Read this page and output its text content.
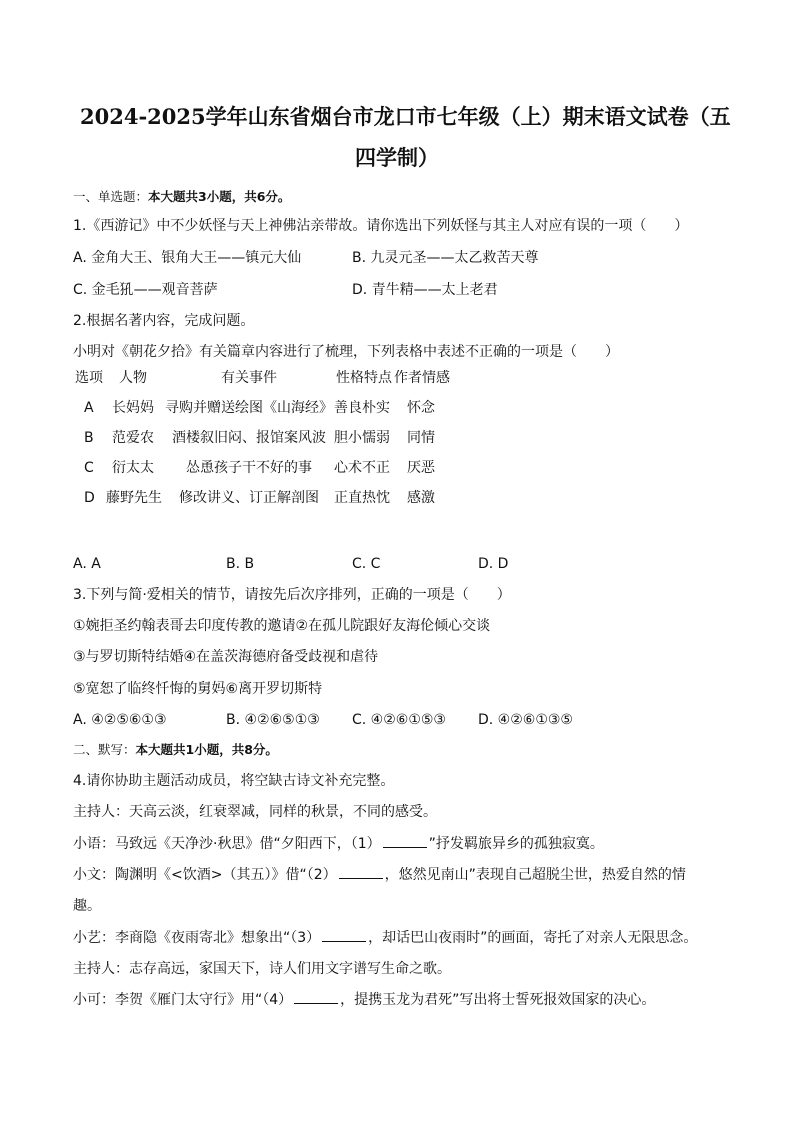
2024-2025学年山东省烟台市龙口市七年级（上）期末语文试卷（五
四学制）
一、单选题：本大题共3小题，共6分。
1.《西游记》中不少妖怪与天上神佛沾亲带故。请你选出下列妖怪与其主人对应有误的一项（　　）
A. 金角大王、银角大王——镇元大仙	B. 九灵元圣——太乙救苦天尊
C. 金毛犼——观音菩萨	D. 青牛精——太上老君
2.根据名著内容，完成问题。
小明对《朝花夕拾》有关篇章内容进行了梳理，下列表格中表述不正确的一项是（　　）
选项 人物	有关事件	性格特点 作者情感
A 长妈妈 寻购并赠送绘图《山海经》 善良朴实 怀念
B 范爱农 酒楼叙旧闷、报馆案风波 胆小懦弱 同情
C 衍太太 怂恿孩子干不好的事 心术不正 厌恶
D 藤野先生 修改讲义、订正解剖图 正直热忱 感激
A. A	B. B	C. C	D. D
3.下列与简·爱相关的情节，请按先后次序排列，正确的一项是（　　）
①婉拒圣约翰表哥去印度传教的邀请②在孤儿院跟好友海伦倾心交谈
③与罗切斯特结婚④在盖茨海德府备受歧视和虐待
⑤宽恕了临终忏悔的舅妈⑥离开罗切斯特
A. ④②⑤⑥①③	B. ④②⑥⑤①③ C. ④②⑥①⑤③ D. ④②⑥①③⑤
二、默写：本大题共1小题，共8分。
4.请你协助主题活动成员，将空缺古诗文补充完整。
主持人：天高云淡，红衰翠减，同样的秋景，不同的感受。
小语：马致远《天净沙·秋思》借“夕阳西下，（1）	”抒发羁旅异乡的孤独寂寞。
小文：陶渊明《<饮酒>（其五）》借“（2）	，悠然见南山”表现自己超脱尘世，热爱自然的情
趣。
小艺：李商隐《夜雨寄北》想象出“（3）	，却话巴山夜雨时”的画面，寄托了对亲人无限思念。
主持人：志存高远，家国天下，诗人们用文字谱写生命之歌。
小可：李贺《雁门太守行》用“（4）	，提携玉龙为君死”写出将士誓死报效国家的决心。
